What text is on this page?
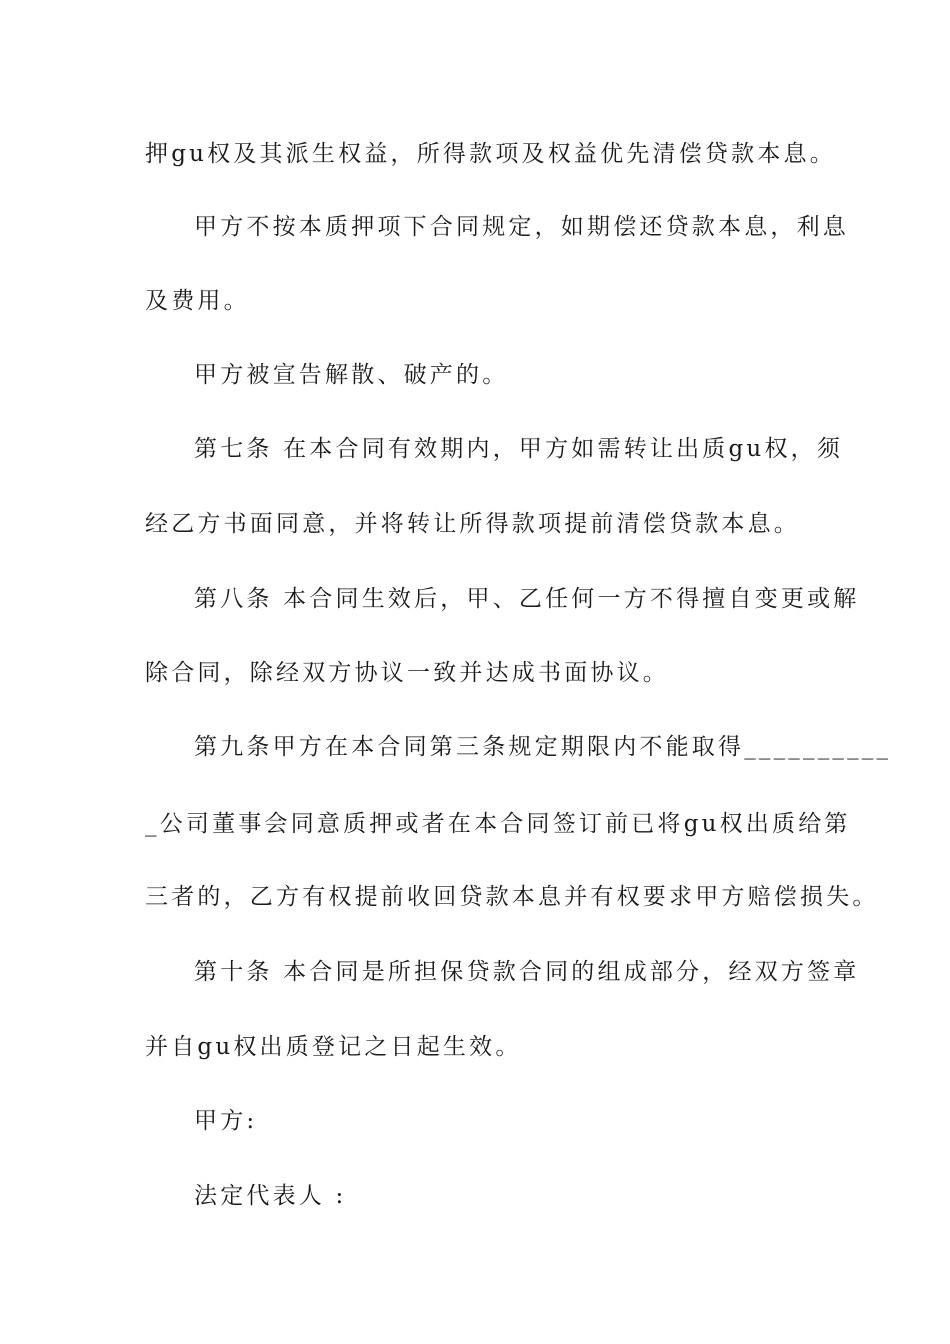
押gu权及其派生权益，所得款项及权益优先清偿贷款本息。
甲方不按本质押项下合同规定，如期偿还贷款本息，利息
及费用。
甲方被宣告解散、破产的。
第七条 在本合同有效期内，甲方如需转让出质gu权，须
经乙方书面同意，并将转让所得款项提前清偿贷款本息。
第八条 本合同生效后，甲、乙任何一方不得擅自变更或解
除合同，除经双方协议一致并达成书面协议。
第九条甲方在本合同第三条规定期限内不能取得__________
_公司董事会同意质押或者在本合同签订前已将gu权出质给第
三者的，乙方有权提前收回贷款本息并有权要求甲方赔偿损失。
第十条 本合同是所担保贷款合同的组成部分，经双方签章
并自gu权出质登记之日起生效。
甲方:
法定代表人 :
